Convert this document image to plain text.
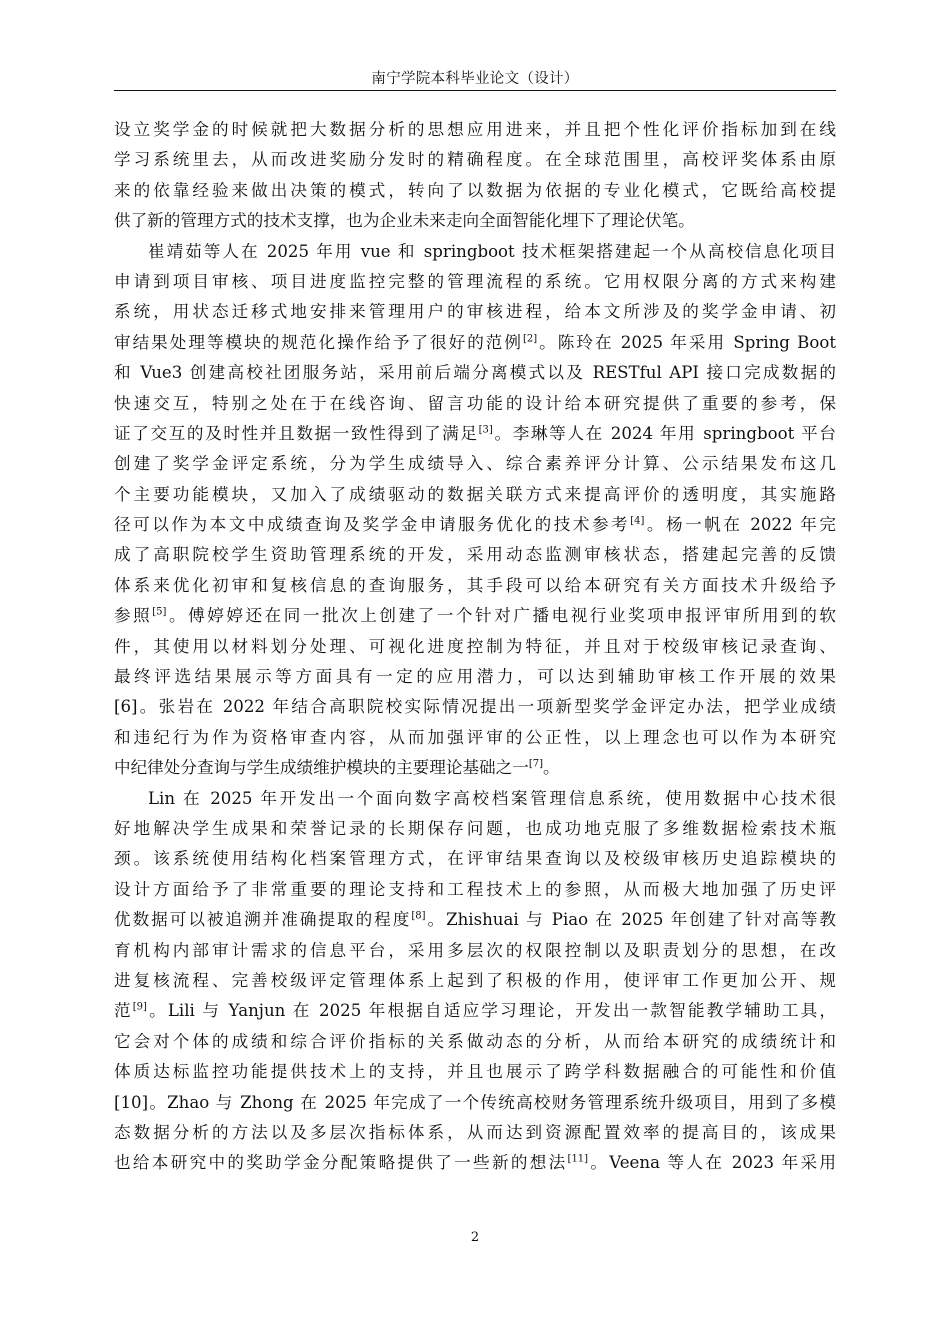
南宁学院本科毕业论文（设计）
设立奖学金的时候就把大数据分析的思想应用进来，并且把个性化评价指标加到在线
学习系统里去，从而改进奖励分发时的精确程度。在全球范围里，高校评奖体系由原
来的依靠经验来做出决策的模式，转向了以数据为依据的专业化模式，它既给高校提
供了新的管理方式的技术支撑，也为企业未来走向全面智能化埋下了理论伏笔。
崔靖茹等人在 2025 年用 vue 和 springboot 技术框架搭建起一个从高校信息化项目
申请到项目审核、项目进度监控完整的管理流程的系统。它用权限分离的方式来构建
系统，用状态迁移式地安排来管理用户的审核进程，给本文所涉及的奖学金申请、初
审结果处理等模块的规范化操作给予了很好的范例[2]。陈玲在 2025 年采用 Spring Boot
和 Vue3 创建高校社团服务站，采用前后端分离模式以及 RESTful API 接口完成数据的
快速交互，特别之处在于在线咨询、留言功能的设计给本研究提供了重要的参考，保
证了交互的及时性并且数据一致性得到了满足[3]。李琳等人在 2024 年用 springboot 平台
创建了奖学金评定系统，分为学生成绩导入、综合素养评分计算、公示结果发布这几
个主要功能模块，又加入了成绩驱动的数据关联方式来提高评价的透明度，其实施路
径可以作为本文中成绩查询及奖学金申请服务优化的技术参考[4]。杨一帆在 2022 年完
成了高职院校学生资助管理系统的开发，采用动态监测审核状态，搭建起完善的反馈
体系来优化初审和复核信息的查询服务，其手段可以给本研究有关方面技术升级给予
参照[5]。傅婷婷还在同一批次上创建了一个针对广播电视行业奖项申报评审所用到的软
件，其使用以材料划分处理、可视化进度控制为特征，并且对于校级审核记录查询、
最终评选结果展示等方面具有一定的应用潜力，可以达到辅助审核工作开展的效果
[6]。张岩在 2022 年结合高职院校实际情况提出一项新型奖学金评定办法，把学业成绩
和违纪行为作为资格审查内容，从而加强评审的公正性，以上理念也可以作为本研究
中纪律处分查询与学生成绩维护模块的主要理论基础之一[7]。
Lin 在 2025 年开发出一个面向数字高校档案管理信息系统，使用数据中心技术很
好地解决学生成果和荣誉记录的长期保存问题，也成功地克服了多维数据检索技术瓶
颈。该系统使用结构化档案管理方式，在评审结果查询以及校级审核历史追踪模块的
设计方面给予了非常重要的理论支持和工程技术上的参照，从而极大地加强了历史评
优数据可以被追溯并准确提取的程度[8]。Zhishuai 与 Piao 在 2025 年创建了针对高等教
育机构内部审计需求的信息平台，采用多层次的权限控制以及职责划分的思想，在改
进复核流程、完善校级评定管理体系上起到了积极的作用，使评审工作更加公开、规
范[9]。Lili 与 Yanjun 在 2025 年根据自适应学习理论，开发出一款智能教学辅助工具，
它会对个体的成绩和综合评价指标的关系做动态的分析，从而给本研究的成绩统计和
体质达标监控功能提供技术上的支持，并且也展示了跨学科数据融合的可能性和价值
[10]。Zhao 与 Zhong 在 2025 年完成了一个传统高校财务管理系统升级项目，用到了多模
态数据分析的方法以及多层次指标体系，从而达到资源配置效率的提高目的，该成果
也给本研究中的奖助学金分配策略提供了一些新的想法[11]。Veena 等人在 2023 年采用
2
